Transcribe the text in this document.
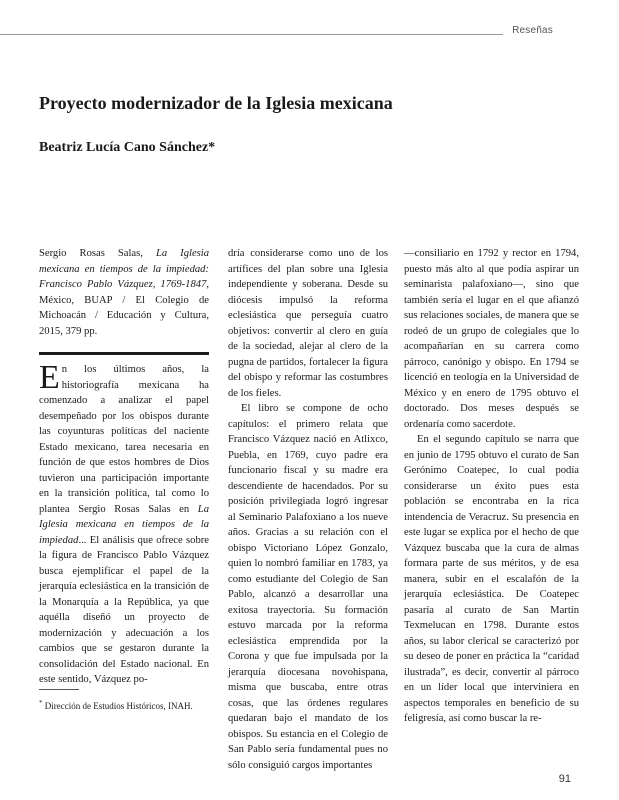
Reseñas
Proyecto modernizador de la Iglesia mexicana
Beatriz Lucía Cano Sánchez*
Sergio Rosas Salas, La Iglesia mexicana en tiempos de la impiedad: Francisco Pablo Vázquez, 1769-1847, México, BUAP / El Colegio de Michoacán / Educación y Cultura, 2015, 379 pp.

En los últimos años, la historiografía mexicana ha comenzado a analizar el papel desempeñado por los obispos durante las coyunturas políticas del naciente Estado mexicano, tarea necesaria en función de que estos hombres de Dios tuvieron una participación importante en la transición política, tal como lo plantea Sergio Rosas Salas en La Iglesia mexicana en tiempos de la impiedad... El análisis que ofrece sobre la figura de Francisco Pablo Vázquez busca ejemplificar el papel de la jerarquía eclesiástica en la transición de la Monarquía a la República, ya que aquélla diseñó un proyecto de modernización y adecuación a los cambios que se gestaron durante la consolidación del Estado nacional. En este sentido, Vázquez po-

dría considerarse como uno de los artífices del plan sobre una Iglesia independiente y soberana. Desde su diócesis impulsó la reforma eclesiástica que perseguía cuatro objetivos: convertir al clero en guía de la sociedad, alejar al clero de la pugna de partidos, fortalecer la figura del obispo y reformar las costumbres de los fieles.

El libro se compone de ocho capítulos: el primero relata que Francisco Vázquez nació en Atlixco, Puebla, en 1769, cuyo padre era funcionario fiscal y su madre era descendiente de hacendados. Por su posición privilegiada logró ingresar al Seminario Palafoxiano a los nueve años. Gracias a su relación con el obispo Victoriano López Gonzalo, quien lo nombró familiar en 1783, ya como estudiante del Colegio de San Pablo, alcanzó a desarrollar una exitosa trayectoria. Su formación estuvo marcada por la reforma eclesiástica emprendida por la Corona y que fue impulsada por la jerarquía diocesana novohispana, misma que buscaba, entre otras cosas, que las órdenes regulares quedaran bajo el mandato de los obispos. Su estancia en el Colegio de San Pablo sería fundamental pues no sólo consiguió cargos importantes

—consiliario en 1792 y rector en 1794, puesto más alto al que podía aspirar un seminarista palafoxiano—, sino que también sería el lugar en el que afianzó sus relaciones sociales, de manera que se rodeó de un grupo de colegiales que lo acompañarían en su carrera como párroco, canónigo y obispo. En 1794 se licenció en teología en la Universidad de México y en enero de 1795 obtuvo el doctorado. Dos meses después se ordenaría como sacerdote.

En el segundo capítulo se narra que en junio de 1795 obtuvo el curato de San Gerónimo Coatepec, lo cual podía considerarse un éxito pues esta población se encontraba en la rica intendencia de Veracruz. Su presencia en este lugar se explica por el hecho de que Vázquez buscaba que la cura de almas formara parte de sus méritos, y de esa manera, subir en el escalafón de la jerarquía eclesiástica. De Coatepec pasaría al curato de San Martín Texmelucan en 1798. Durante estos años, su labor clerical se caracterizó por su deseo de poner en práctica la “caridad ilustrada”, es decir, convertir al párroco en un líder local que interviniera en aspectos temporales en beneficio de su feligresía, así como buscar la re-

* Dirección de Estudios Históricos, INAH.
91
